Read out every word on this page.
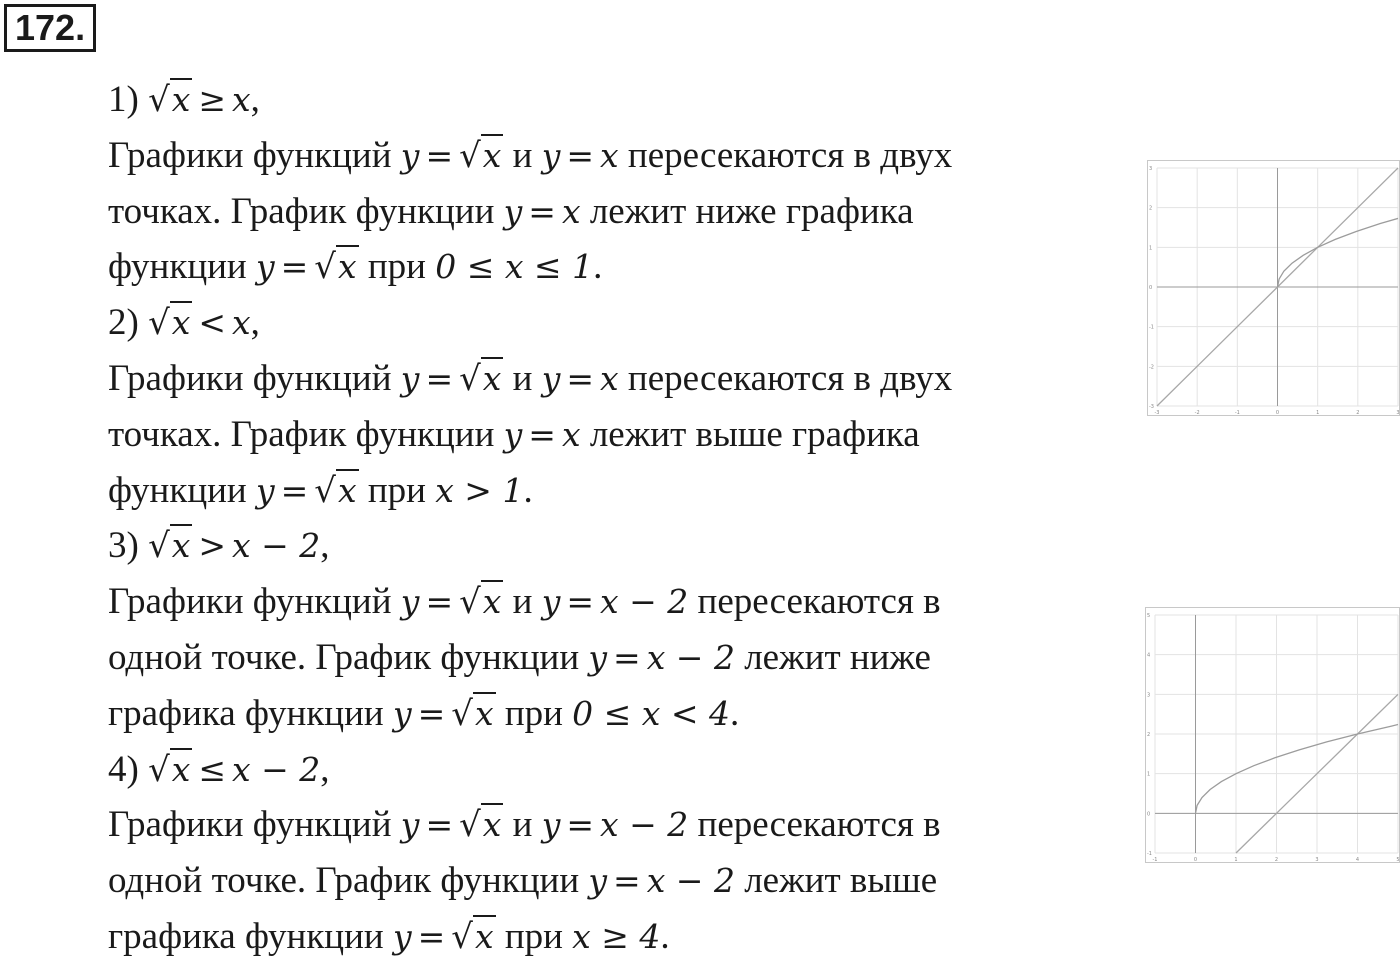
172.
1) √x ≥ x,
Графики функций y = √x и y = x пересекаются в двух
точках. График функции y = x лежит ниже графика
функции y = √x при 0 ≤ x ≤ 1.
2) √x < x,
Графики функций y = √x и y = x пересекаются в двух
точках. График функции y = x лежит выше графика
функции y = √x при x > 1.
3) √x > x − 2,
Графики функций y = √x и y = x − 2 пересекаются в
одной точке. График функции y = x − 2 лежит ниже
графика функции y = √x при 0 ≤ x < 4.
4) √x ≤ x − 2,
Графики функций y = √x и y = x − 2 пересекаются в
одной точке. График функции y = x − 2 лежит выше
графика функции y = √x при x ≥ 4.
-3	-2	-1	0	1	2	3
3
2
1
0
-1
-2
-3
-1	0	1	2	3	4	5
5
4
3
2
1
0
-1
